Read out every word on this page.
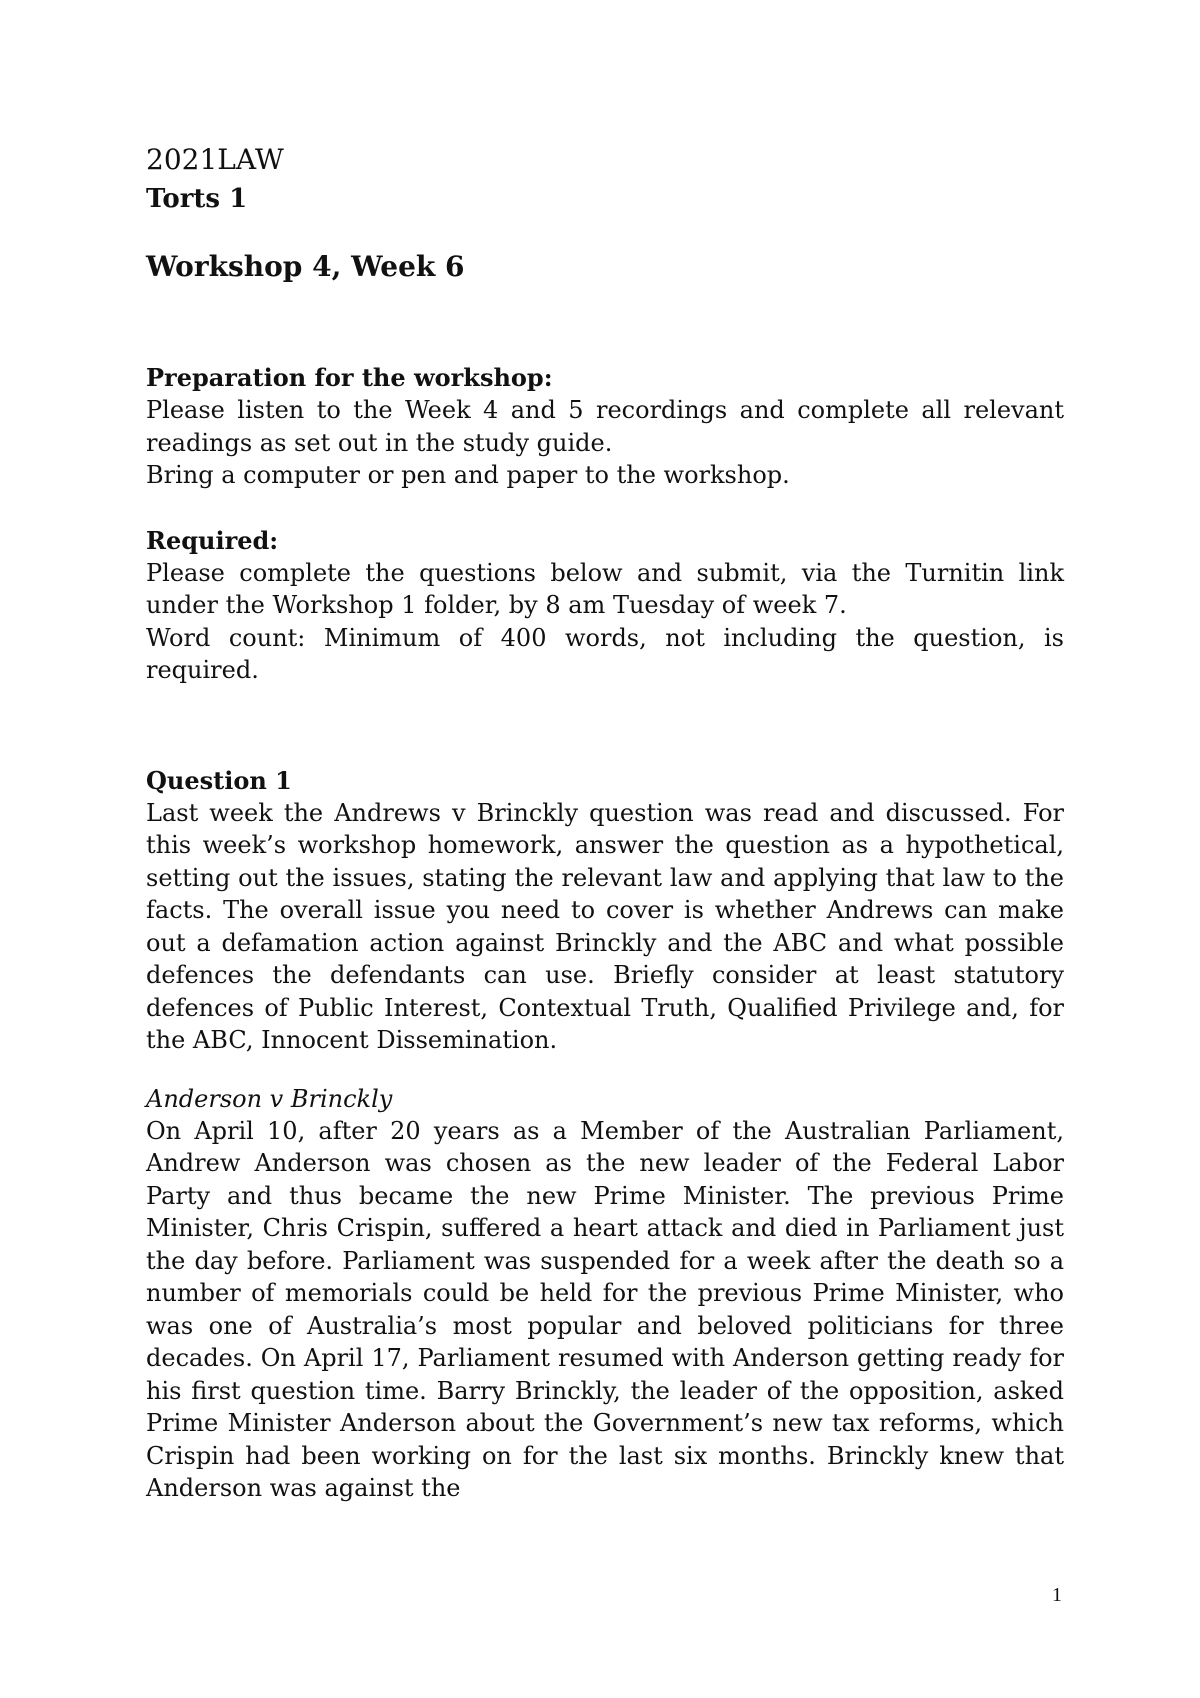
2021LAW
Torts 1
Workshop 4, Week 6
Preparation for the workshop:

Please listen to the Week 4 and 5 recordings and complete all relevant readings as set out in the study guide.

Bring a computer or pen and paper to the workshop.

Required:

Please complete the questions below and submit, via the Turnitin link under the Workshop 1 folder, by 8 am Tuesday of week 7.

Word count: Minimum of 400 words, not including the question, is required.

Question 1

Last week the Andrews v Brinckly question was read and discussed. For this week’s workshop homework, answer the question as a hypothetical, setting out the issues, stating the relevant law and applying that law to the facts. The overall issue you need to cover is whether Andrews can make out a defamation action against Brinckly and the ABC and what possible defences the defendants can use. Briefly consider at least statutory defences of Public Interest, Contextual Truth, Qualified Privilege and, for the ABC, Innocent Dissemination.

Anderson v Brinckly

On April 10, after 20 years as a Member of the Australian Parliament, Andrew Anderson was chosen as the new leader of the Federal Labor Party and thus became the new Prime Minister. The previous Prime Minister, Chris Crispin, suffered a heart attack and died in Parliament just the day before. Parliament was suspended for a week after the death so a number of memorials could be held for the previous Prime Minister, who was one of Australia’s most popular and beloved politicians for three decades. On April 17, Parliament resumed with Anderson getting ready for his first question time. Barry Brinckly, the leader of the opposition, asked Prime Minister Anderson about the Government’s new tax reforms, which Crispin had been working on for the last six months. Brinckly knew that Anderson was against the

1
